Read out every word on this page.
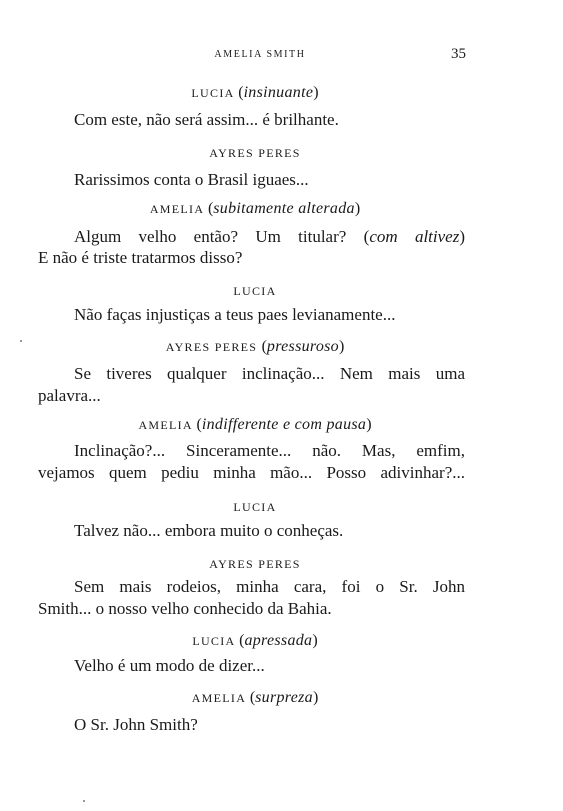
AMELIA SMITH	35
LUCIA (insinuante)
Com este, não será assim... é brilhante.
AYRES PERES
Rarissimos conta o Brasil iguaes...
AMELIA (subitamente alterada)
Algum velho então? Um titular? (com altivez)
E não é triste tratarmos disso?
LUCIA
Não faças injustiças a teus paes levianamente...
AYRES PERES (pressuroso)
Se tiveres qualquer inclinação... Nem mais uma
palavra...
AMELIA (indifferente e com pausa)
Inclinação?... Sinceramente... não. Mas, emfim,
vejamos quem pediu minha mão... Posso adivinhar?...
LUCIA
Talvez não... embora muito o conheças.
AYRES PERES
Sem mais rodeios, minha cara, foi o Sr. John
Smith... o nosso velho conhecido da Bahia.
LUCIA (apressada)
Velho é um modo de dizer...
AMELIA (surpreza)
O Sr. John Smith?
